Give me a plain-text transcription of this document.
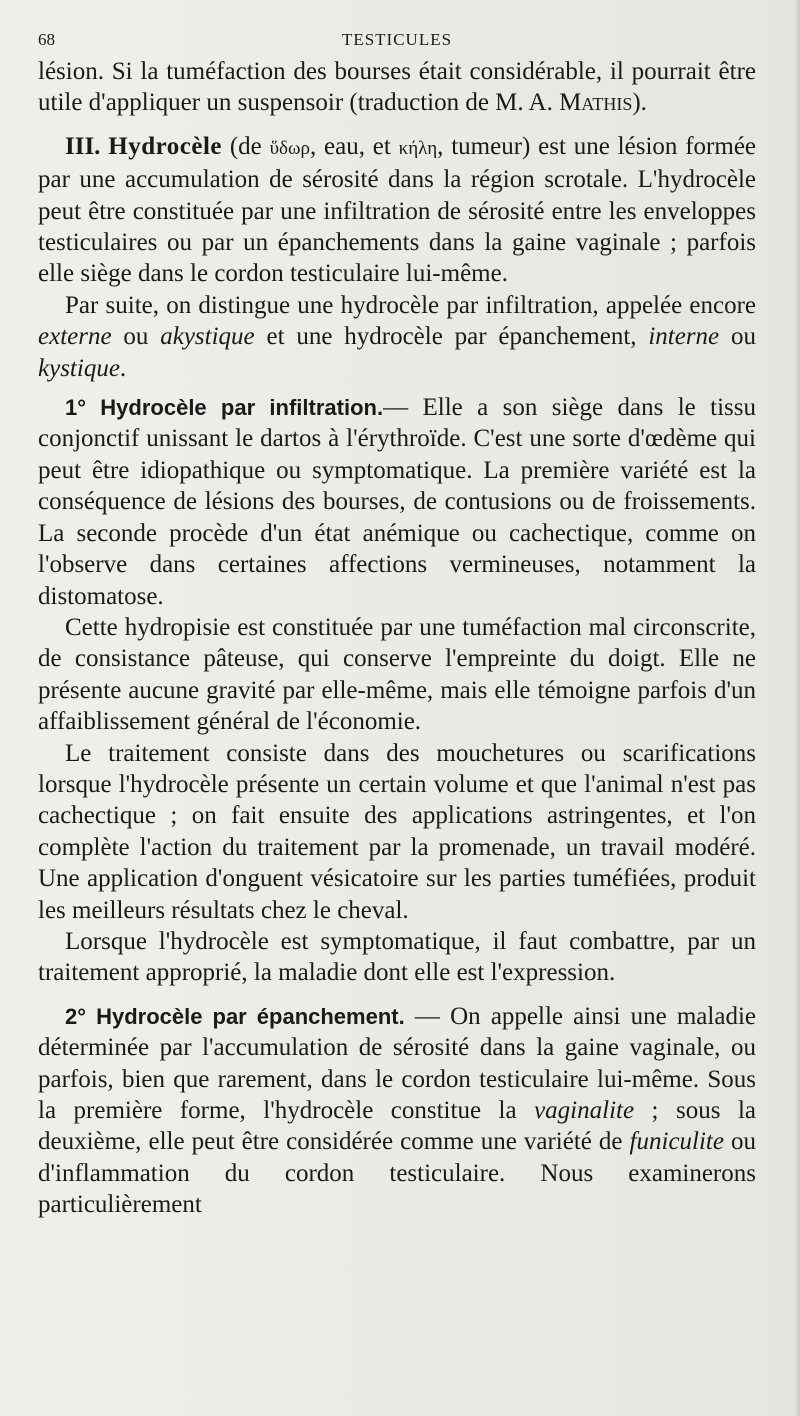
68	TESTICULES

lésion. Si la tuméfaction des bourses était considérable, il pourrait être utile d'appliquer un suspensoir (traduction de M. A. Mathis).

III. Hydrocèle (de ὕδωρ, eau, et κήλη, tumeur) est une lésion formée par une accumulation de sérosité dans la région scrotale. L'hydrocèle peut être constituée par une infiltration de sérosité entre les enveloppes testiculaires ou par un épanchements dans la gaine vaginale ; parfois elle siège dans le cordon testiculaire lui-même.

Par suite, on distingue une hydrocèle par infiltration, appelée encore externe ou akystique et une hydrocèle par épanchement, interne ou kystique.

1° Hydrocèle par infiltration.— Elle a son siège dans le tissu conjonctif unissant le dartos à l'érythroïde. C'est une sorte d'œdème qui peut être idiopathique ou symptomatique. La première variété est la conséquence de lésions des bourses, de contusions ou de froissements. La seconde procède d'un état anémique ou cachectique, comme on l'observe dans certaines affections vermineuses, notamment la distomatose.

Cette hydropisie est constituée par une tuméfaction mal circonscrite, de consistance pâteuse, qui conserve l'empreinte du doigt. Elle ne présente aucune gravité par elle-même, mais elle témoigne parfois d'un affaiblissement général de l'économie.

Le traitement consiste dans des mouchetures ou scarifications lorsque l'hydrocèle présente un certain volume et que l'animal n'est pas cachectique ; on fait ensuite des applications astringentes, et l'on complète l'action du traitement par la promenade, un travail modéré. Une application d'onguent vésicatoire sur les parties tuméfiées, produit les meilleurs résultats chez le cheval.

Lorsque l'hydrocèle est symptomatique, il faut combattre, par un traitement approprié, la maladie dont elle est l'expression.

2° Hydrocèle par épanchement. — On appelle ainsi une maladie déterminée par l'accumulation de sérosité dans la gaine vaginale, ou parfois, bien que rarement, dans le cordon testiculaire lui-même. Sous la première forme, l'hydrocèle constitue la vaginalite ; sous la deuxième, elle peut être considérée comme une variété de funiculite ou d'inflammation du cordon testiculaire. Nous examinerons particulièrement
